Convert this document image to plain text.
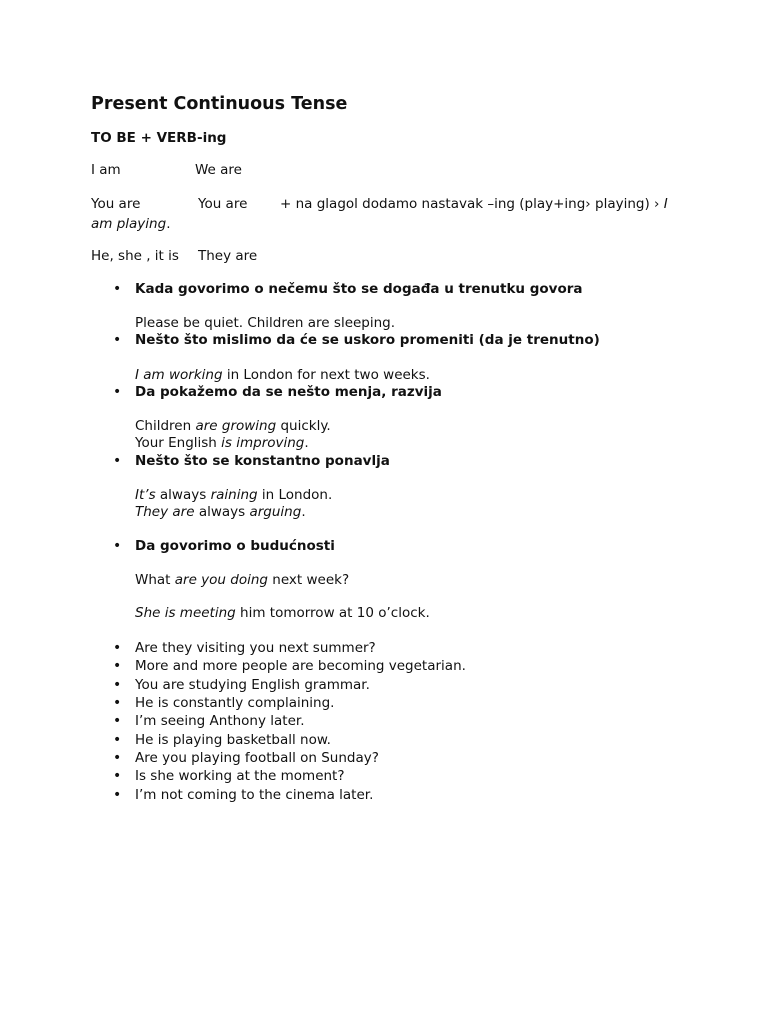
Present Continuous Tense
TO BE + VERB-ing
I am	We are
You are	You are + na glagol dodamo nastavak –ing (play+ing› playing) › I
am playing.
He, she , it is They are
• Kada govorimo o nečemu što se događa u trenutku govora
Please be quiet. Children are sleeping.
• Nešto što mislimo da će se uskoro promeniti (da je trenutno)
I am working in London for next two weeks.
• Da pokažemo da se nešto menja, razvija
Children are growing quickly.
Your English is improving.
• Nešto što se konstantno ponavlja
It’s always raining in London.
They are always arguing.
• Da govorimo o budućnosti
What are you doing next week?
She is meeting him tomorrow at 10 o’clock.
• Are they visiting you next summer?
• More and more people are becoming vegetarian.
• You are studying English grammar.
• He is constantly complaining.
• I’m seeing Anthony later.
• He is playing basketball now.
• Are you playing football on Sunday?
• Is she working at the moment?
• I’m not coming to the cinema later.
